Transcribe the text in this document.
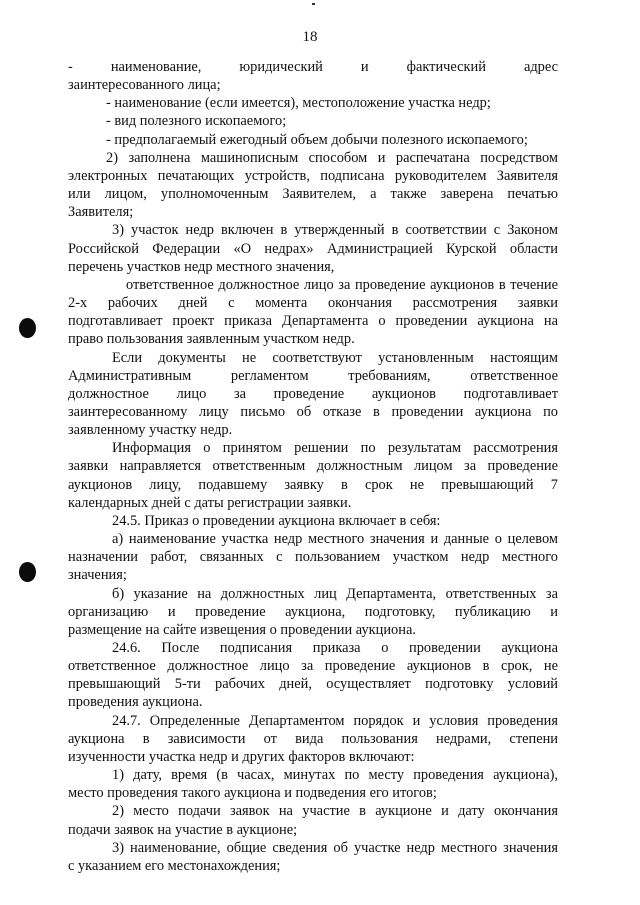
18

- наименование, юридический и фактический адрес

заинтересованного лица;

- наименование (если имеется), местоположение участка недр;

- вид полезного ископаемого;

- предполагаемый ежегодный объем добычи полезного ископаемого;

2) заполнена машинописным способом и распечатана посредством

электронных печатающих устройств, подписана руководителем Заявителя

или лицом, уполномоченным Заявителем, а также заверена печатью

Заявителя;

3) участок недр включен в утвержденный в соответствии с Законом

Российской Федерации «О недрах» Администрацией Курской области

перечень участков недр местного значения,

ответственное должностное лицо за проведение аукционов в течение

2-х рабочих дней с момента окончания рассмотрения заявки

подготавливает проект приказа Департамента о проведении аукциона на

право пользования заявленным участком недр.

Если документы не соответствуют установленным настоящим

Административным регламентом требованиям, ответственное

должностное лицо за проведение аукционов подготавливает

заинтересованному лицу письмо об отказе в проведении аукциона по

заявленному участку недр.

Информация о принятом решении по результатам рассмотрения

заявки направляется ответственным должностным лицом за проведение

аукционов лицу, подавшему заявку в срок не превышающий 7

календарных дней с даты регистрации заявки.

24.5. Приказ о проведении аукциона включает в себя:

а) наименование участка недр местного значения и данные о целевом

назначении работ, связанных с пользованием участком недр местного

значения;

б) указание на должностных лиц Департамента, ответственных за

организацию и проведение аукциона, подготовку, публикацию и

размещение на сайте извещения о проведении аукциона.

24.6. После подписания приказа о проведении аукциона

ответственное должностное лицо за проведение аукционов в срок, не

превышающий 5-ти рабочих дней, осуществляет подготовку условий

проведения аукциона.

24.7. Определенные Департаментом порядок и условия проведения

аукциона в зависимости от вида пользования недрами, степени

изученности участка недр и других факторов включают:

1) дату, время (в часах, минутах по месту проведения аукциона),

место проведения такого аукциона и подведения его итогов;

2) место подачи заявок на участие в аукционе и дату окончания

подачи заявок на участие в аукционе;

3) наименование, общие сведения об участке недр местного значения

с указанием его местонахождения;
